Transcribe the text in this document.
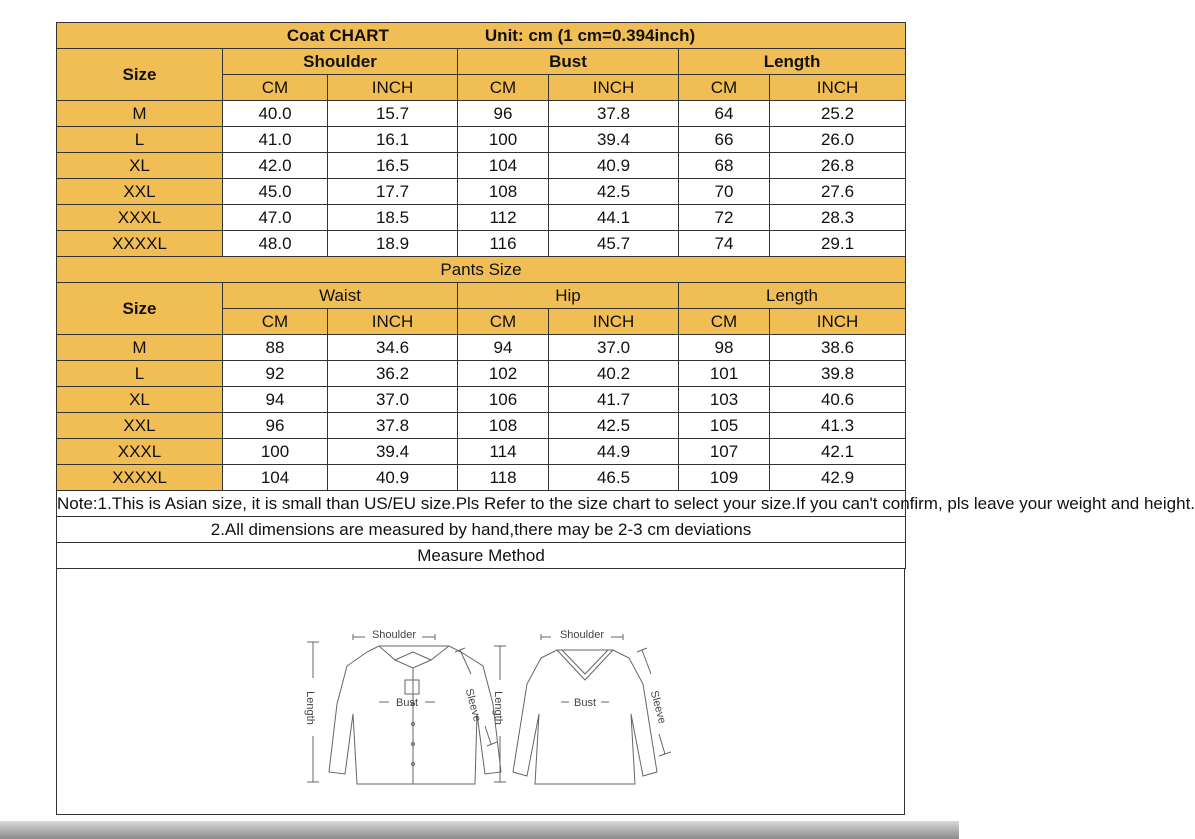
Coat CHART Unit: cm (1 cm=0.394inch)						
Size	Shoulder		Bust		Length	
	CM	INCH	CM	INCH	CM	INCH
M	40.0	15.7	96	37.8	64	25.2
L	41.0	16.1	100	39.4	66	26.0
XL	42.0	16.5	104	40.9	68	26.8
XXL	45.0	17.7	108	42.5	70	27.6
XXXL	47.0	18.5	112	44.1	72	28.3
XXXXL	48.0	18.9	116	45.7	74	29.1
Pants Size						
Size	Waist		Hip		Length	
	CM	INCH	CM	INCH	CM	INCH
M	88	34.6	94	37.0	98	38.6
L	92	36.2	102	40.2	101	39.8
XL	94	37.0	106	41.7	103	40.6
XXL	96	37.8	108	42.5	105	41.3
XXXL	100	39.4	114	44.9	107	42.1
XXXXL	104	40.9	118	46.5	109	42.9
Note:1.This is Asian size, it is small than US/EU size.Pls Refer to the size chart to select your size.If you can't confirm, pls leave your weight and height.						
2.All dimensions are measured by hand,there may be 2-3 cm deviations						
Measure Method						
Shoulder
Bust
Length	Sleeve
Shoulder
Bust
Length	Sleeve
